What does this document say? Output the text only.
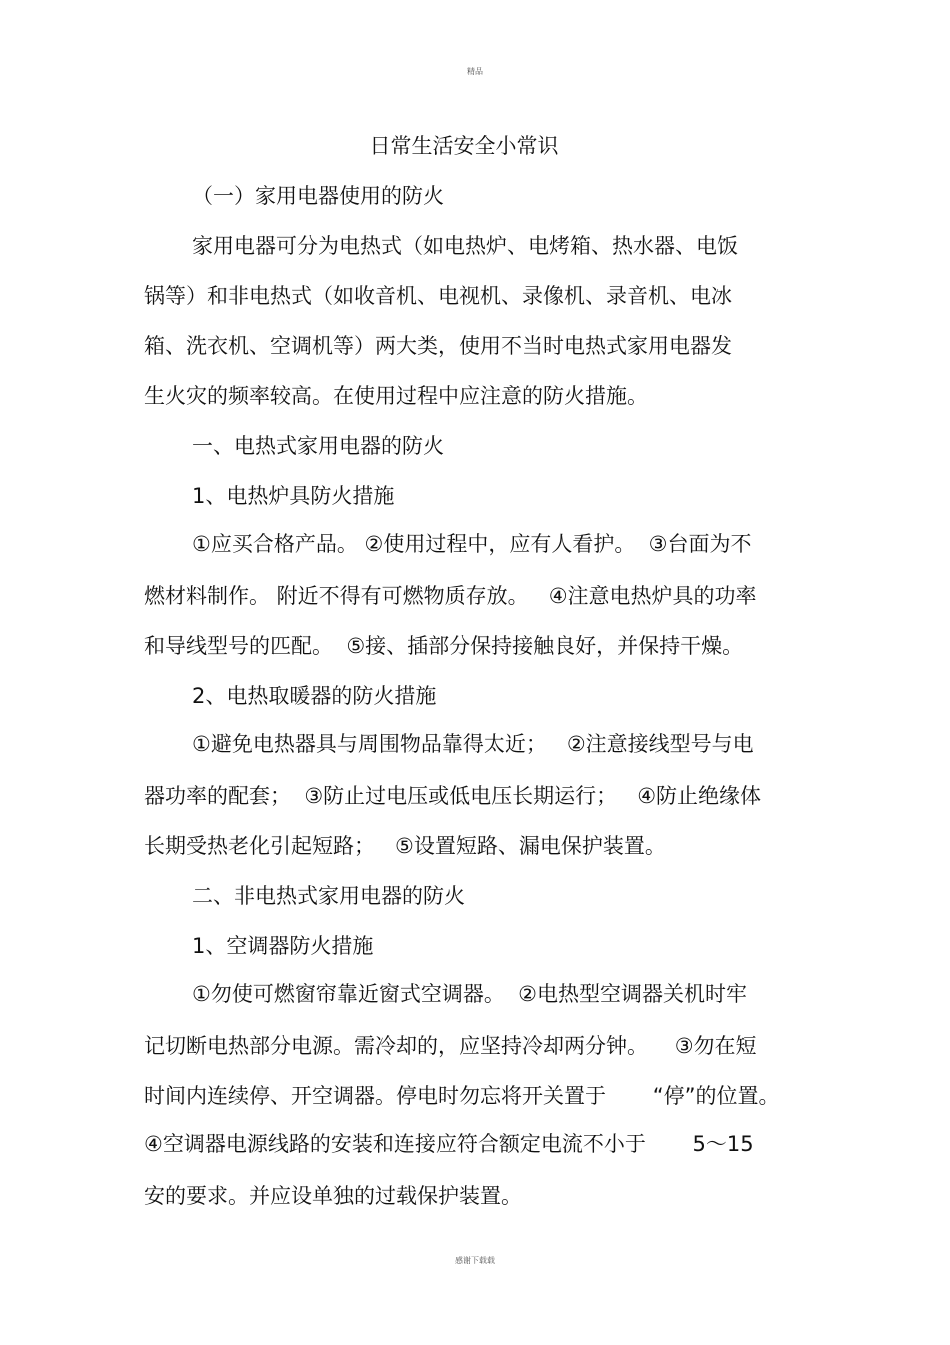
精品
日常生活安全小常识
（一）家用电器使用的防火
家用电器可分为电热式（如电热炉、电烤箱、热水器、电饭
锅等）和非电热式（如收音机、电视机、录像机、录音机、电冰
箱、洗衣机、空调机等）两大类，使用不当时电热式家用电器发
生火灾的频率较高。在使用过程中应注意的防火措施。
一、电热式家用电器的防火
1、电热炉具防火措施
①应买合格产品。 ②使用过程中，应有人看护。  ③台面为不
燃材料制作。 附近不得有可燃物质存放。   ④注意电热炉具的功率
和导线型号的匹配。  ⑤接、插部分保持接触良好，并保持干燥。
2、电热取暖器的防火措施
①避免电热器具与周围物品靠得太近；   ②注意接线型号与电
器功率的配套；  ③防止过电压或低电压长期运行；   ④防止绝缘体
长期受热老化引起短路；   ⑤设置短路、漏电保护装置。
二、非电热式家用电器的防火
1、空调器防火措施
①勿使可燃窗帘靠近窗式空调器。  ②电热型空调器关机时牢
记切断电热部分电源。需冷却的，应坚持冷却两分钟。    ③勿在短
时间内连续停、开空调器。停电时勿忘将开关置于       “停”的位置。
④空调器电源线路的安装和连接应符合额定电流不小于       5～15
安的要求。并应设单独的过载保护装置。
感谢下载载
